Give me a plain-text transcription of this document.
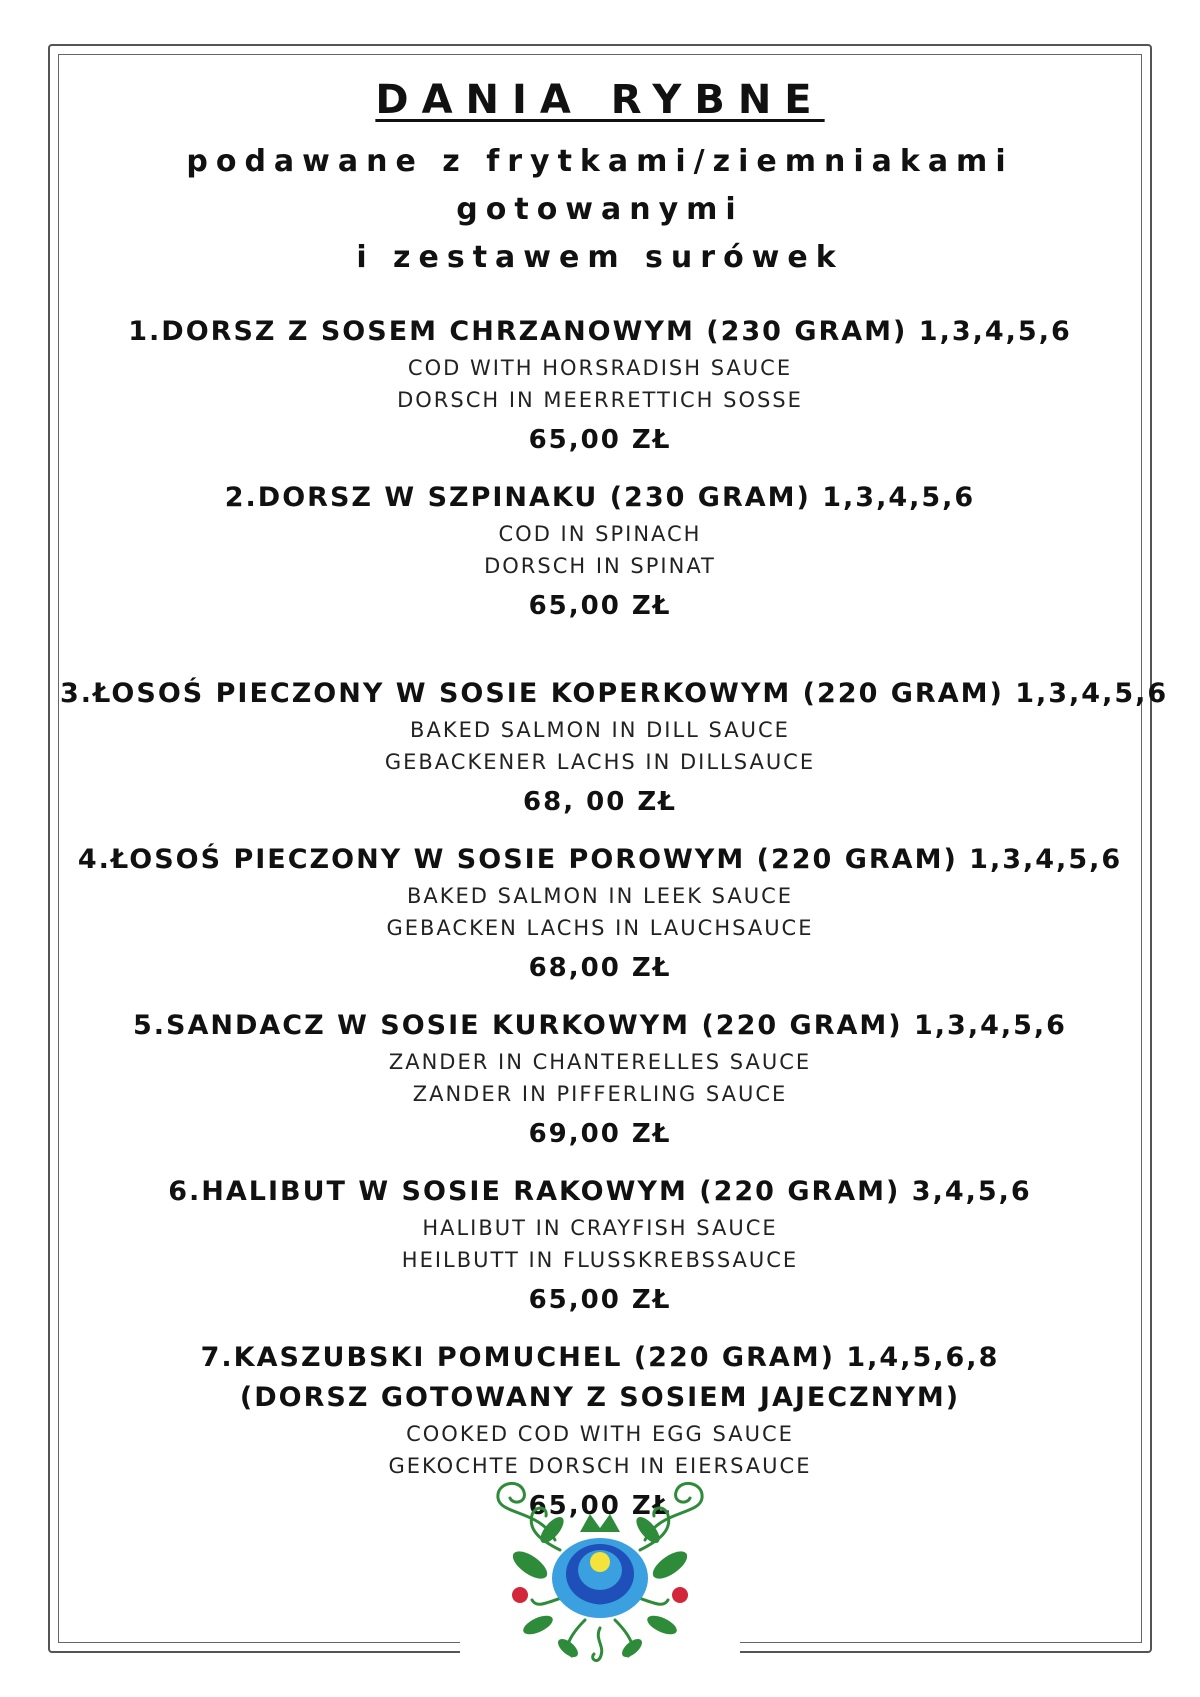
DANIA RYBNE
podawane z frytkami/ziemniakami gotowanymi
i zestawem surówek
1.DORSZ Z SOSEM CHRZANOWYM (230 GRAM) 1,3,4,5,6
COD WITH HORSRADISH SAUCE
DORSCH IN MEERRETTICH SOSSE
65,00 ZŁ
2.DORSZ W SZPINAKU (230 GRAM) 1,3,4,5,6
COD IN SPINACH
DORSCH IN SPINAT
65,00 ZŁ
3.ŁOSOŚ PIECZONY W SOSIE KOPERKOWYM (220 GRAM) 1,3,4,5,6
BAKED SALMON IN DILL SAUCE
GEBACKENER LACHS IN DILLSAUCE
68, 00 ZŁ
4.ŁOSOŚ PIECZONY W SOSIE POROWYM (220 GRAM) 1,3,4,5,6
BAKED SALMON IN LEEK SAUCE
GEBACKEN LACHS IN LAUCHSAUCE
68,00 ZŁ
5.SANDACZ W SOSIE KURKOWYM (220 GRAM) 1,3,4,5,6
ZANDER IN CHANTERELLES SAUCE
ZANDER IN PIFFERLING SAUCE
69,00 ZŁ
6.HALIBUT W SOSIE RAKOWYM (220 GRAM) 3,4,5,6
HALIBUT IN CRAYFISH SAUCE
HEILBUTT IN FLUSSKREBSSAUCE
65,00 ZŁ
7.KASZUBSKI POMUCHEL (220 GRAM) 1,4,5,6,8
(DORSZ GOTOWANY Z SOSIEM JAJECZNYM)
COOKED COD WITH EGG SAUCE
GEKOCHTE DORSCH IN EIERSAUCE
65,00 ZŁ
